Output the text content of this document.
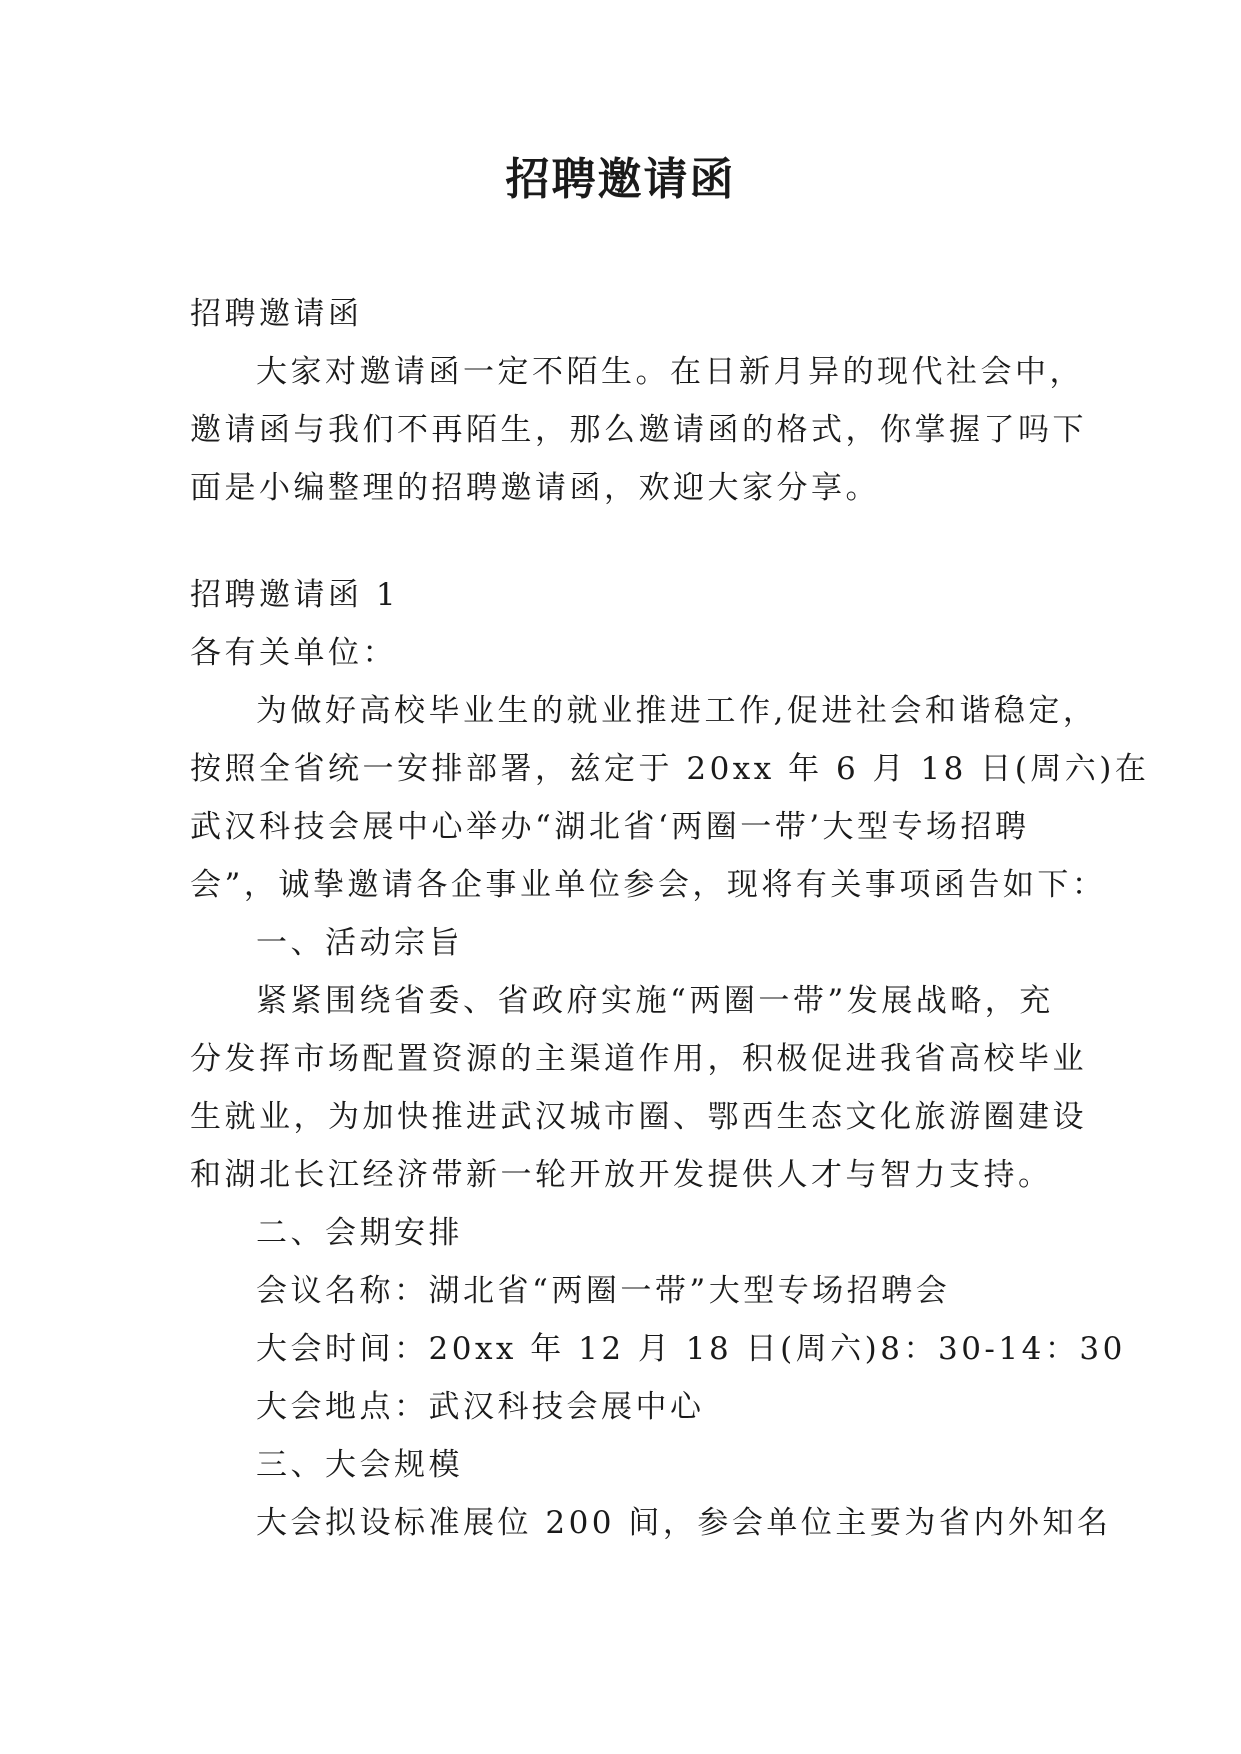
招聘邀请函

招聘邀请函

大家对邀请函一定不陌生。在日新月异的现代社会中，

邀请函与我们不再陌生，那么邀请函的格式，你掌握了吗下

面是小编整理的招聘邀请函，欢迎大家分享。

招聘邀请函 1

各有关单位：

为做好高校毕业生的就业推进工作,促进社会和谐稳定，

按照全省统一安排部署，兹定于 20xx 年 6 月 18 日(周六)在

武汉科技会展中心举办“湖北省‘两圈一带’大型专场招聘

会”，诚挚邀请各企事业单位参会，现将有关事项函告如下：

一、活动宗旨

紧紧围绕省委、省政府实施“两圈一带”发展战略，充

分发挥市场配置资源的主渠道作用，积极促进我省高校毕业

生就业，为加快推进武汉城市圈、鄂西生态文化旅游圈建设

和湖北长江经济带新一轮开放开发提供人才与智力支持。

二、会期安排

会议名称：湖北省“两圈一带”大型专场招聘会

大会时间：20xx 年 12 月 18 日(周六)8：30-14：30

大会地点：武汉科技会展中心

三、大会规模

大会拟设标准展位 200 间，参会单位主要为省内外知名
